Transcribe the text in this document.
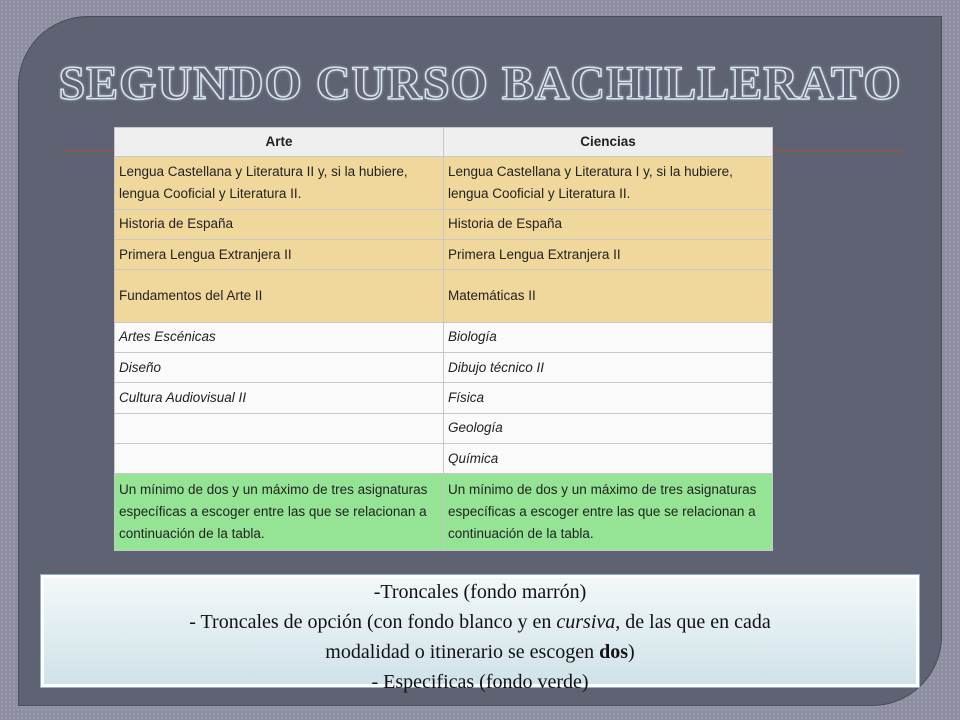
SEGUNDO CURSO BACHILLERATO
Arte	Ciencias
Lengua Castellana y Literatura II y, si la hubiere, lengua Cooficial y Literatura II.	Lengua Castellana y Literatura I y, si la hubiere, lengua Cooficial y Literatura II.
Historia de España	Historia de España
Primera Lengua Extranjera II	Primera Lengua Extranjera II
Fundamentos del Arte II	Matemáticas II
Artes Escénicas	Biología
Diseño	Dibujo técnico II
Cultura Audiovisual II	Física
	Geología
	Química
Un mínimo de dos y un máximo de tres asignaturas específicas a escoger entre las que se relacionan a continuación de la tabla.	Un mínimo de dos y un máximo de tres asignaturas específicas a escoger entre las que se relacionan a continuación de la tabla.
-Troncales (fondo marrón)
- Troncales de opción (con fondo blanco y en cursiva, de las que en cada
modalidad o itinerario se escogen dos)
- Especificas (fondo verde)
